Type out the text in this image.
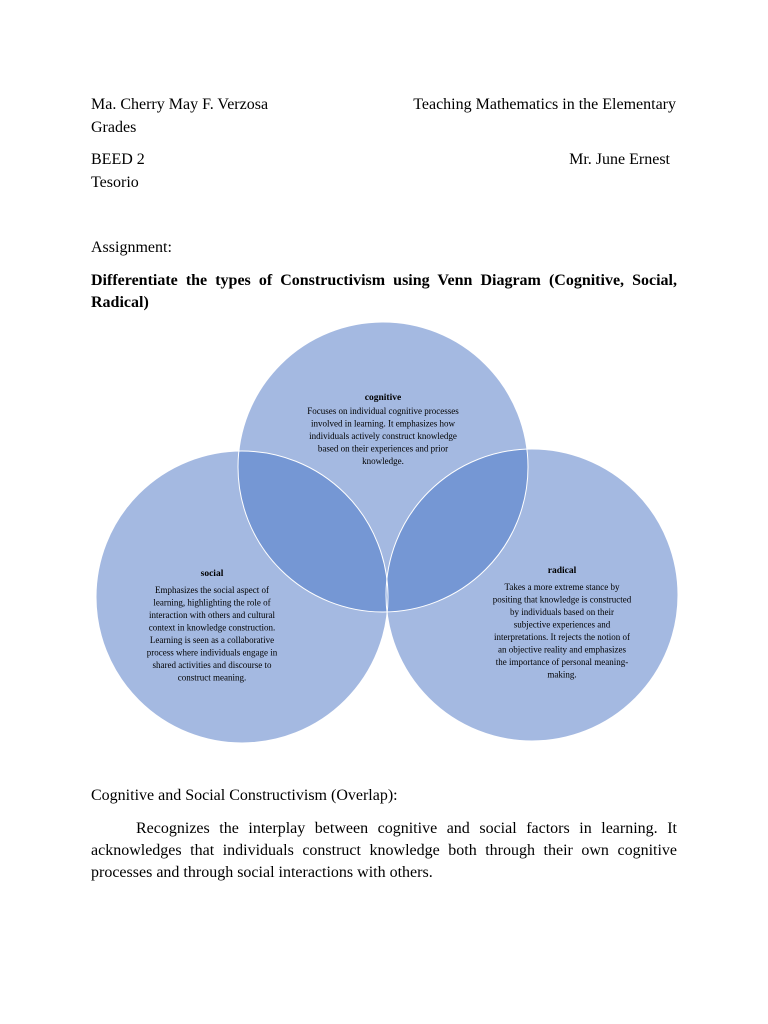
Ma. Cherry May F. Verzosa	Teaching Mathematics in the Elementary
Grades
BEED 2	Mr. June Ernest
Tesorio
Assignment:
Differentiate the types of Constructivism using Venn Diagram (Cognitive, Social, Radical)
cognitive
Focuses on individual cognitive processes
involved in learning. It emphasizes how
individuals actively construct knowledge
based on their experiences and prior
knowledge.
social
Emphasizes the social aspect of
learning, highlighting the role of
interaction with others and cultural
context in knowledge construction.
Learning is seen as a collaborative
process where individuals engage in
shared activities and discourse to
construct meaning.
radical
Takes a more extreme stance by
positing that knowledge is constructed
by individuals based on their
subjective experiences and
interpretations. It rejects the notion of
an objective reality and emphasizes
the importance of personal meaning-
making.
Cognitive and Social Constructivism (Overlap):
Recognizes the interplay between cognitive and social factors in learning. It acknowledges that individuals construct knowledge both through their own cognitive processes and through social interactions with others.
